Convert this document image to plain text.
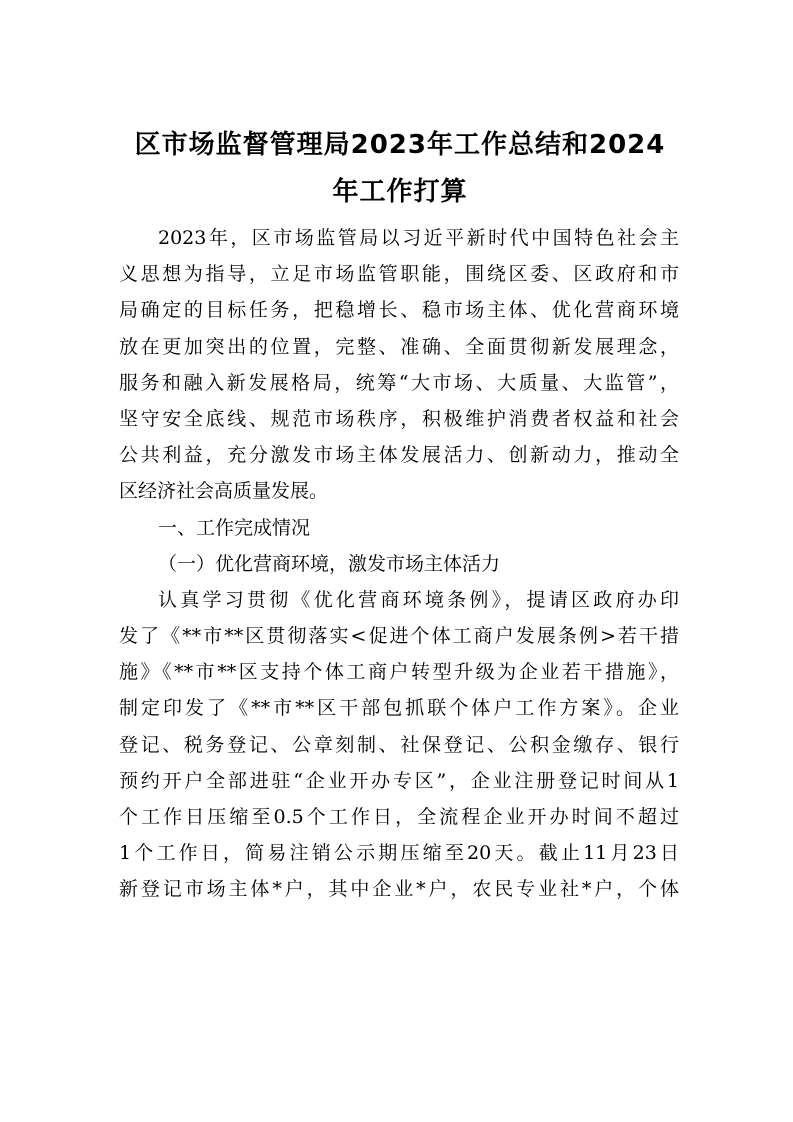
区市场监督管理局2023年工作总结和2024
年工作打算
2023年，区市场监管局以习近平新时代中国特色社会主
义思想为指导，立足市场监管职能，围绕区委、区政府和市
局确定的目标任务，把稳增长、稳市场主体、优化营商环境
放在更加突出的位置，完整、准确、全面贯彻新发展理念，
服务和融入新发展格局，统筹“大市场、大质量、大监管”，
坚守安全底线、规范市场秩序，积极维护消费者权益和社会
公共利益，充分激发市场主体发展活力、创新动力，推动全
区经济社会高质量发展。
一、工作完成情况
（一）优化营商环境，激发市场主体活力
认真学习贯彻《优化营商环境条例》，提请区政府办印
发了《**市**区贯彻落实<促进个体工商户发展条例>若干措
施》《**市**区支持个体工商户转型升级为企业若干措施》，
制定印发了《**市**区干部包抓联个体户工作方案》。企业
登记、税务登记、公章刻制、社保登记、公积金缴存、银行
预约开户全部进驻“企业开办专区”，企业注册登记时间从1
个工作日压缩至0.5个工作日，全流程企业开办时间不超过
1个工作日，简易注销公示期压缩至20天。截止11月23日
新登记市场主体*户，其中企业*户，农民专业社*户，个体
